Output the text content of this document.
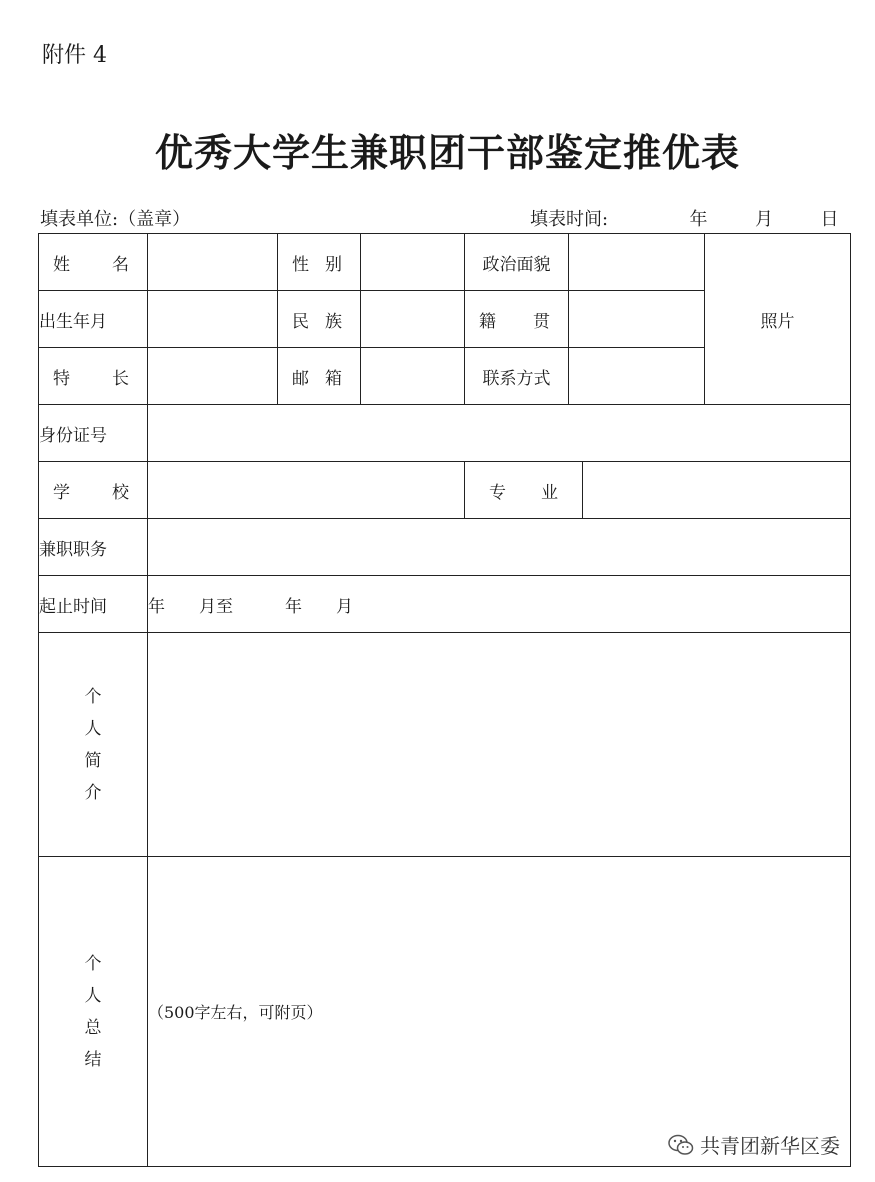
附件 4
优秀大学生兼职团干部鉴定推优表
填表单位:（盖章）	填表时间:	年	月	日
姓 名		性 别		政治面貌			照片
出生年月		民 族		籍 贯			

特 长		邮 箱		联系方式			
身份证号							

学 校				专 业			

兼职职务							
起止时间	年 月至 年 月						

个
人
简
介							

个
人
总
结	（500字左右，可附页）						
共青团新华区委
